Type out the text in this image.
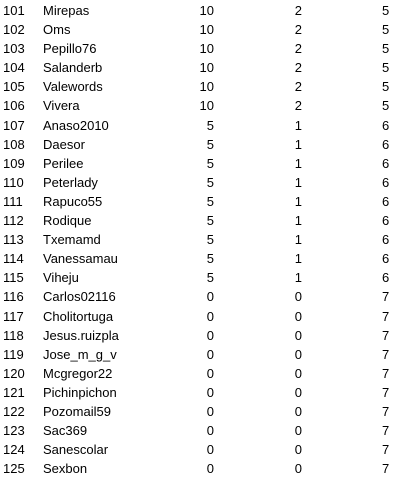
101	Mirepas	10	2	5
102	Oms	10	2	5
103	Pepillo76	10	2	5
104	Salanderb	10	2	5
105	Valewords	10	2	5
106	Vivera	10	2	5
107	Anaso2010	5	1	6
108	Daesor	5	1	6
109	Perilee	5	1	6
110	Peterlady	5	1	6
111	Rapuco55	5	1	6
112	Rodique	5	1	6
113	Txemamd	5	1	6
114	Vanessamau	5	1	6
115	Viheju	5	1	6
116	Carlos02116	0	0	7
117	Cholitortuga	0	0	7
118	Jesus.ruizpla	0	0	7
119	Jose_m_g_v	0	0	7
120	Mcgregor22	0	0	7
121	Pichinpichon	0	0	7
122	Pozomail59	0	0	7
123	Sac369	0	0	7
124	Sanescolar	0	0	7
125	Sexbon	0	0	7
